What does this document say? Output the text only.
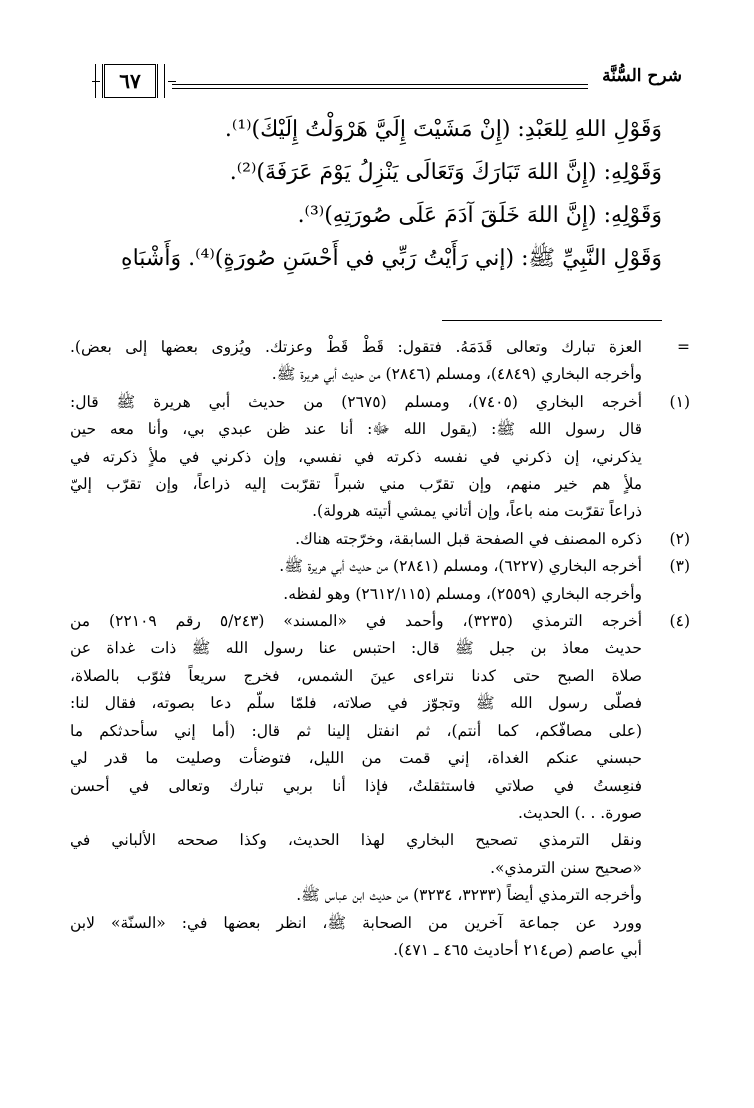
شرح السُّنَّة
٦٧

وَقَوْلِ اللهِ لِلعَبْدِ: (إِنْ مَشَيْتَ إِلَيَّ هَرْوَلْتُ إِلَيْكَ)⁽¹⁾.

وَقَوْلِهِ: (إِنَّ اللهَ تَبَارَكَ وَتَعَالَى يَنْزِلُ يَوْمَ عَرَفَةَ)⁽²⁾.

وَقَوْلِهِ: (إِنَّ اللهَ خَلَقَ آدَمَ عَلَى صُورَتِهِ)⁽³⁾.

وَقَوْلِ النَّبِيِّ ﷺ: (إني رَأَيْتُ رَبِّي في أَحْسَنِ صُورَةٍ)⁽⁴⁾. وَأَشْبَاهِ

=
العزة تبارك وتعالى قَدَمَهُ. فتقول: قَطْ قَطْ وعزتك. ويُزوى بعضها إلى بعض).
وأخرجه البخاري (٤٨٤٩)، ومسلم (٢٨٤٦) من حديث أبي هريرة ﷺ.
(١)
أخرجه البخاري (٧٤٠٥)، ومسلم (٢٦٧٥) من حديث أبي هريرة ﷺ قال:
قال رسول الله ﷺ: (يقول الله ﷻ: أنا عند ظن عبدي بي، وأنا معه حين
يذكرني، إن ذكرني في نفسه ذكرته في نفسي، وإن ذكرني في ملأٍ ذكرته في
ملأٍ هم خير منهم، وإن تقرّب مني شبراً تقرّبت إليه ذراعاً، وإن تقرّب إليّ
ذراعاً تقرّبت منه باعاً، وإن أتاني يمشي أتيته هرولة).
(٢)
ذكره المصنف في الصفحة قبل السابقة، وخرّجته هناك.
(٣)
أخرجه البخاري (٦٢٢٧)، ومسلم (٢٨٤١) من حديث أبي هريرة ﷺ.
وأخرجه البخاري (٢٥٥٩)، ومسلم (٢٦١٢/١١٥) وهو لفظه.
(٤)
أخرجه الترمذي (٣٢٣٥)، وأحمد في «المسند» (٥/٢٤٣ رقم ٢٢١٠٩) من
حديث معاذ بن جبل ﷺ قال: احتبس عنا رسول الله ﷺ ذات غداة عن
صلاة الصبح حتى كدنا نتراءى عينَ الشمس، فخرج سريعاً فثوّب بالصلاة،
فصلّى رسول الله ﷺ وتجوّز في صلاته، فلمّا سلّم دعا بصوته، فقال لنا:
(على مصافّكم، كما أنتم)، ثم انفتل إلينا ثم قال: (أما إني سأحدثكم ما
حبسني عنكم الغداة، إني قمت من الليل، فتوضأت وصليت ما قدر لي
فنعِستُ في صلاتي فاستثقلتُ، فإذا أنا بربي تبارك وتعالى في أحسن
صورة. . .) الحديث.
ونقل الترمذي تصحيح البخاري لهذا الحديث، وكذا صححه الألباني في
«صحيح سنن الترمذي».
وأخرجه الترمذي أيضاً (٣٢٣٣، ٣٢٣٤) من حديث ابن عباس ﷺ.
وورد عن جماعة آخرين من الصحابة ﷺ، انظر بعضها في: «السنّة» لابن
أبي عاصم (ص٢١٤ أحاديث ٤٦٥ ـ ٤٧١).
